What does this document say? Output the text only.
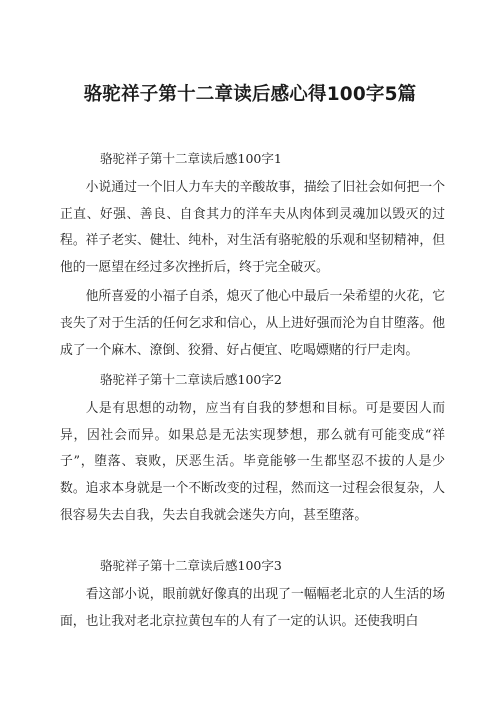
骆驼祥子第十二章读后感心得100字5篇
骆驼祥子第十二章读后感100字1

小说通过一个旧人力车夫的辛酸故事，描绘了旧社会如何把一个正直、好强、善良、自食其力的洋车夫从肉体到灵魂加以毁灭的过程。祥子老实、健壮、纯朴，对生活有骆驼般的乐观和坚韧精神，但他的一愿望在经过多次挫折后，终于完全破灭。

他所喜爱的小福子自杀，熄灭了他心中最后一朵希望的火花，它丧失了对于生活的任何乞求和信心，从上进好强而沦为自甘堕落。他成了一个麻木、潦倒、狡猾、好占便宜、吃喝嫖赌的行尸走肉。

骆驼祥子第十二章读后感100字2

人是有思想的动物，应当有自我的梦想和目标。可是要因人而异，因社会而异。如果总是无法实现梦想，那么就有可能变成“祥子”，堕落、衰败，厌恶生活。毕竟能够一生都坚忍不拔的人是少数。追求本身就是一个不断改变的过程，然而这一过程会很复杂，人很容易失去自我，失去自我就会迷失方向，甚至堕落。

骆驼祥子第十二章读后感100字3

看这部小说，眼前就好像真的出现了一幅幅老北京的人生活的场面，也让我对老北京拉黄包车的人有了一定的认识。还使我明白
